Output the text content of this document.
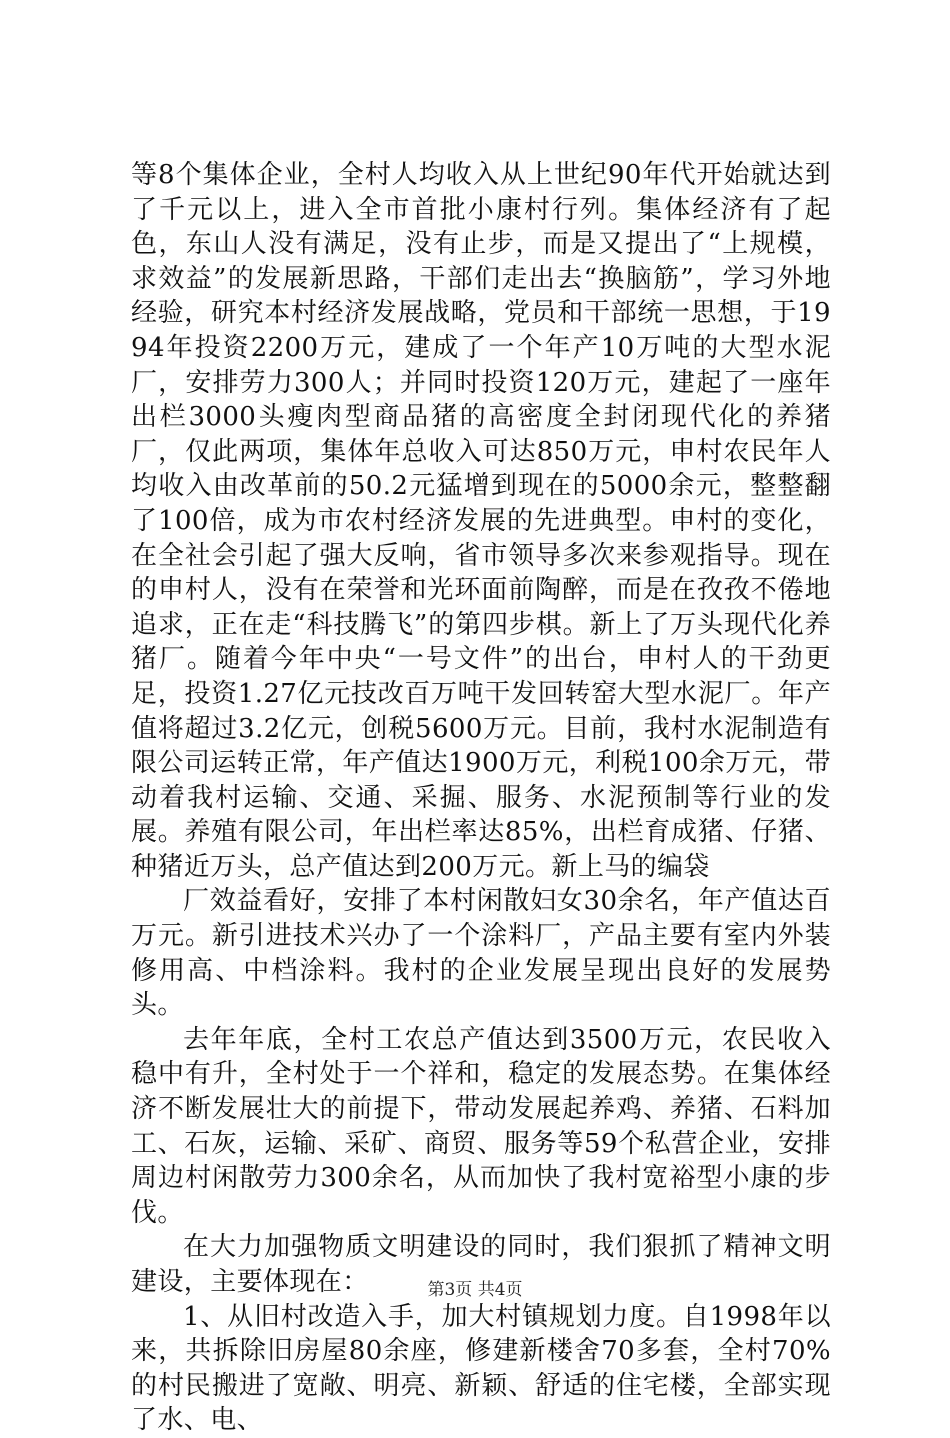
等8个集体企业，全村人均收入从上世纪90年代开始就达到了千元以上，进入全市首批小康村行列。集体经济有了起色，东山人没有满足，没有止步，而是又提出了“上规模，求效益”的发展新思路，干部们走出去“换脑筋”，学习外地经验，研究本村经济发展战略，党员和干部统一思想，于1994年投资2200万元，建成了一个年产10万吨的大型水泥厂，安排劳力300人；并同时投资120万元，建起了一座年出栏3000头瘦肉型商品猪的高密度全封闭现代化的养猪厂，仅此两项，集体年总收入可达850万元，申村农民年人均收入由改革前的50.2元猛增到现在的5000余元，整整翻了100倍，成为市农村经济发展的先进典型。申村的变化，在全社会引起了强大反响，省市领导多次来参观指导。现在的申村人，没有在荣誉和光环面前陶醉，而是在孜孜不倦地追求，正在走“科技腾飞”的第四步棋。新上了万头现代化养猪厂。随着今年中央“一号文件”的出台，申村人的干劲更足，投资1.27亿元技改百万吨干发回转窑大型水泥厂。年产值将超过3.2亿元，创税5600万元。目前，我村水泥制造有限公司运转正常，年产值达1900万元，利税100余万元，带动着我村运输、交通、采掘、服务、水泥预制等行业的发展。养殖有限公司，年出栏率达85%，出栏育成猪、仔猪、种猪近万头，总产值达到200万元。新上马的编袋

厂效益看好，安排了本村闲散妇女30余名，年产值达百万元。新引进技术兴办了一个涂料厂，产品主要有室内外装修用高、中档涂料。我村的企业发展呈现出良好的发展势头。

去年年底，全村工农总产值达到3500万元，农民收入稳中有升，全村处于一个祥和，稳定的发展态势。在集体经济不断发展壮大的前提下，带动发展起养鸡、养猪、石料加工、石灰，运输、采矿、商贸、服务等59个私营企业，安排周边村闲散劳力300余名，从而加快了我村宽裕型小康的步伐。

在大力加强物质文明建设的同时，我们狠抓了精神文明建设，主要体现在：

1、从旧村改造入手，加大村镇规划力度。自1998年以来，共拆除旧房屋80余座，修建新楼舍70多套，全村70%的村民搬进了宽敞、明亮、新颖、舒适的住宅楼，全部实现了水、电、

第3页 共4页
